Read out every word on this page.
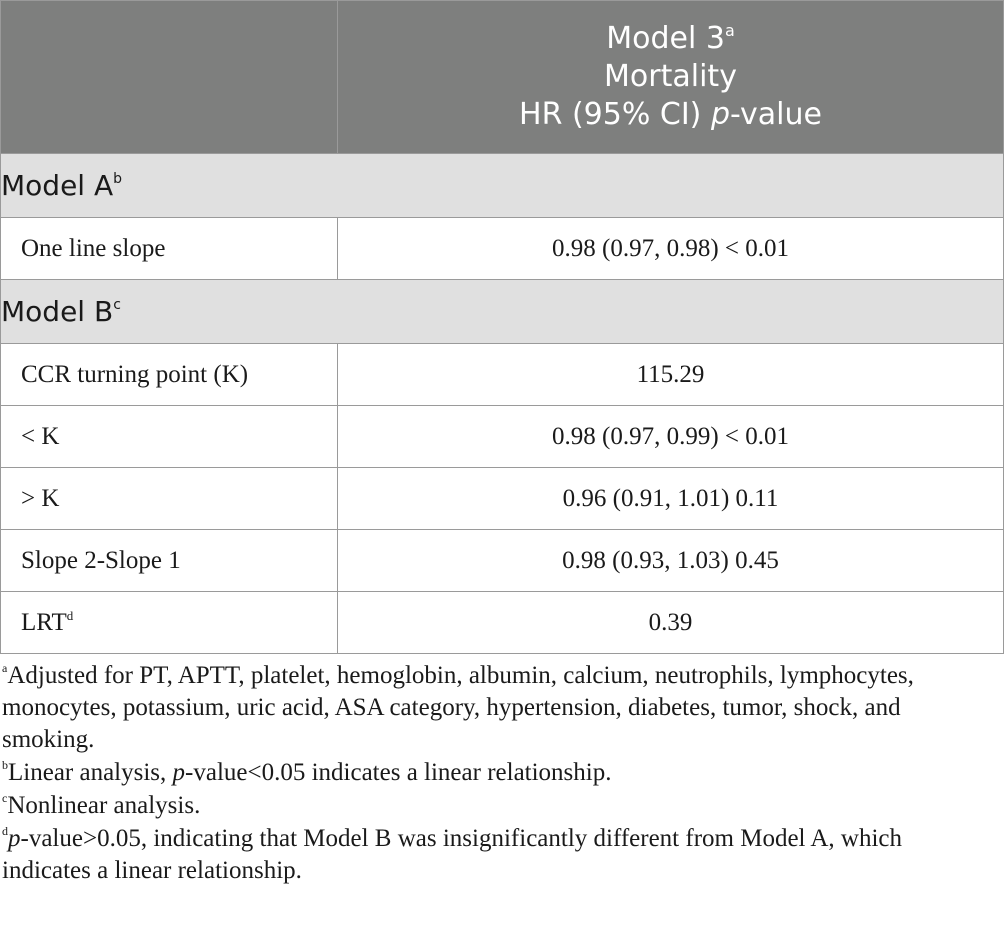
	Model 3$^a$
Mortality
HR (95% CI) p-value
Model $A^b$
One line slope	0.98 (0.97, 0.98) < 0.01
Model $B^c$
CCR turning point (K)	115.29
< K	0.98 (0.97, 0.99) < 0.01
> K	0.96 (0.91, 1.01) 0.11
Slope 2-Slope 1	0.98 (0.93, 1.03) 0.45
LRT$^d$	0.39

$^a$Adjusted for PT, APTT, platelet, hemoglobin, albumin, calcium, neutrophils, lymphocytes, monocytes, potassium, uric acid, ASA category, hypertension, diabetes, tumor, shock, and smoking.

$^b$Linear analysis, p-value<0.05 indicates a linear relationship.

$^c$Nonlinear analysis.

$^d$p-value>0.05, indicating that Model B was insignificantly different from Model A, which indicates a linear relationship.
